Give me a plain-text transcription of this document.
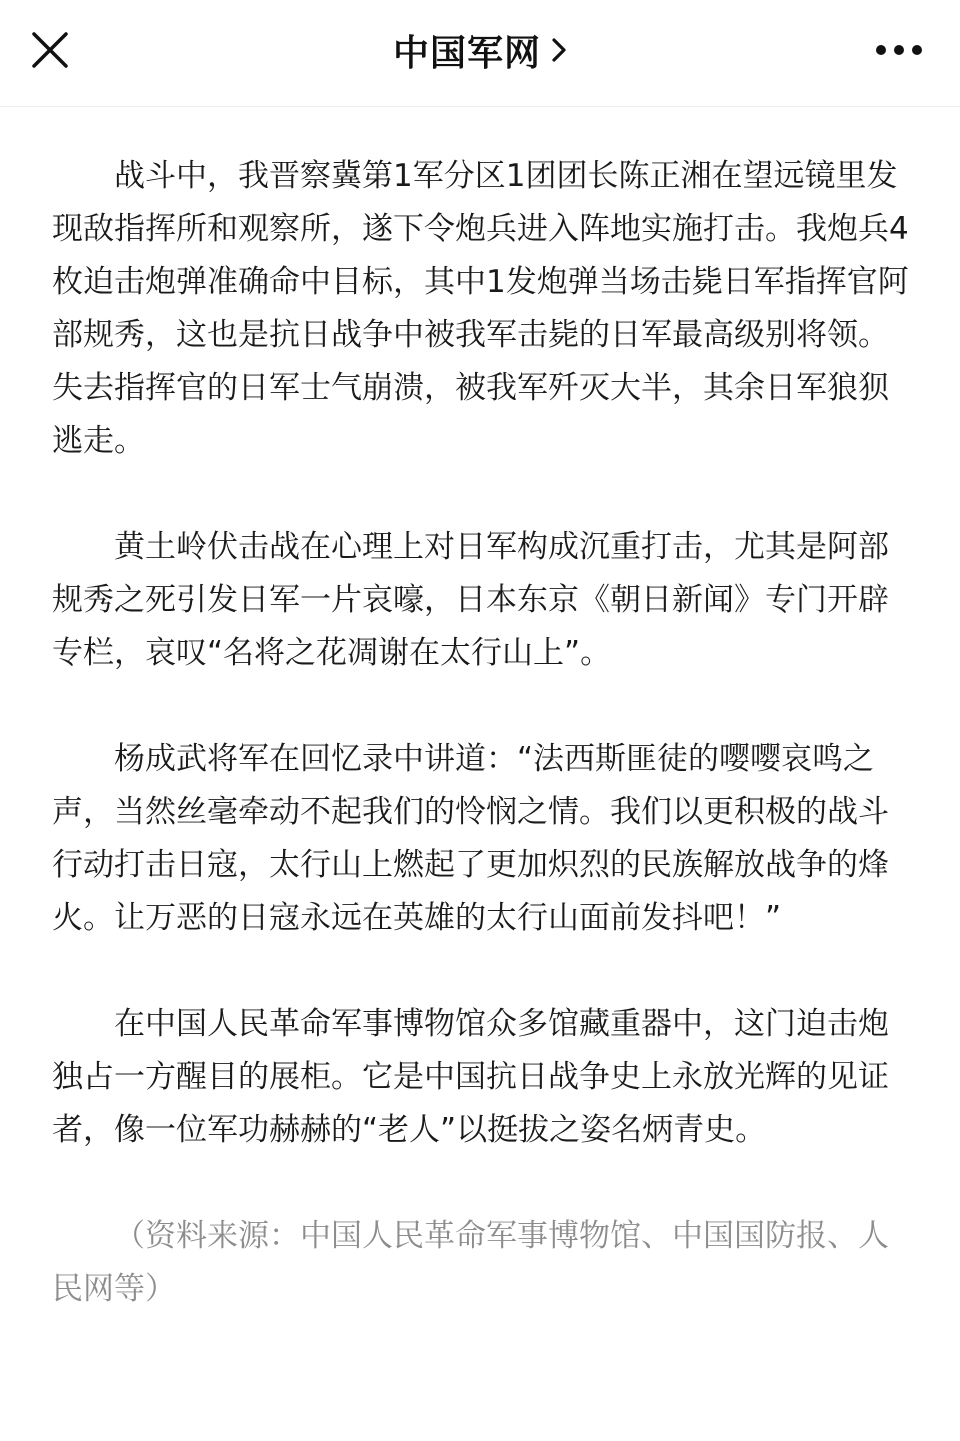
中国军网

战斗中，我晋察冀第1军分区1团团长陈正湘在望远镜里发现敌指挥所和观察所，遂下令炮兵进入阵地实施打击。我炮兵4枚迫击炮弹准确命中目标，其中1发炮弹当场击毙日军指挥官阿部规秀，这也是抗日战争中被我军击毙的日军最高级别将领。失去指挥官的日军士气崩溃，被我军歼灭大半，其余日军狼狈逃走。

黄土岭伏击战在心理上对日军构成沉重打击，尤其是阿部规秀之死引发日军一片哀嚎，日本东京《朝日新闻》专门开辟专栏，哀叹“名将之花凋谢在太行山上”。

杨成武将军在回忆录中讲道：“法西斯匪徒的嘤嘤哀鸣之声，当然丝毫牵动不起我们的怜悯之情。我们以更积极的战斗行动打击日寇，太行山上燃起了更加炽烈的民族解放战争的烽火。让万恶的日寇永远在英雄的太行山面前发抖吧！”

在中国人民革命军事博物馆众多馆藏重器中，这门迫击炮独占一方醒目的展柜。它是中国抗日战争史上永放光辉的见证者，像一位军功赫赫的“老人”以挺拔之姿名炳青史。

（资料来源：中国人民革命军事博物馆、中国国防报、人民网等）
